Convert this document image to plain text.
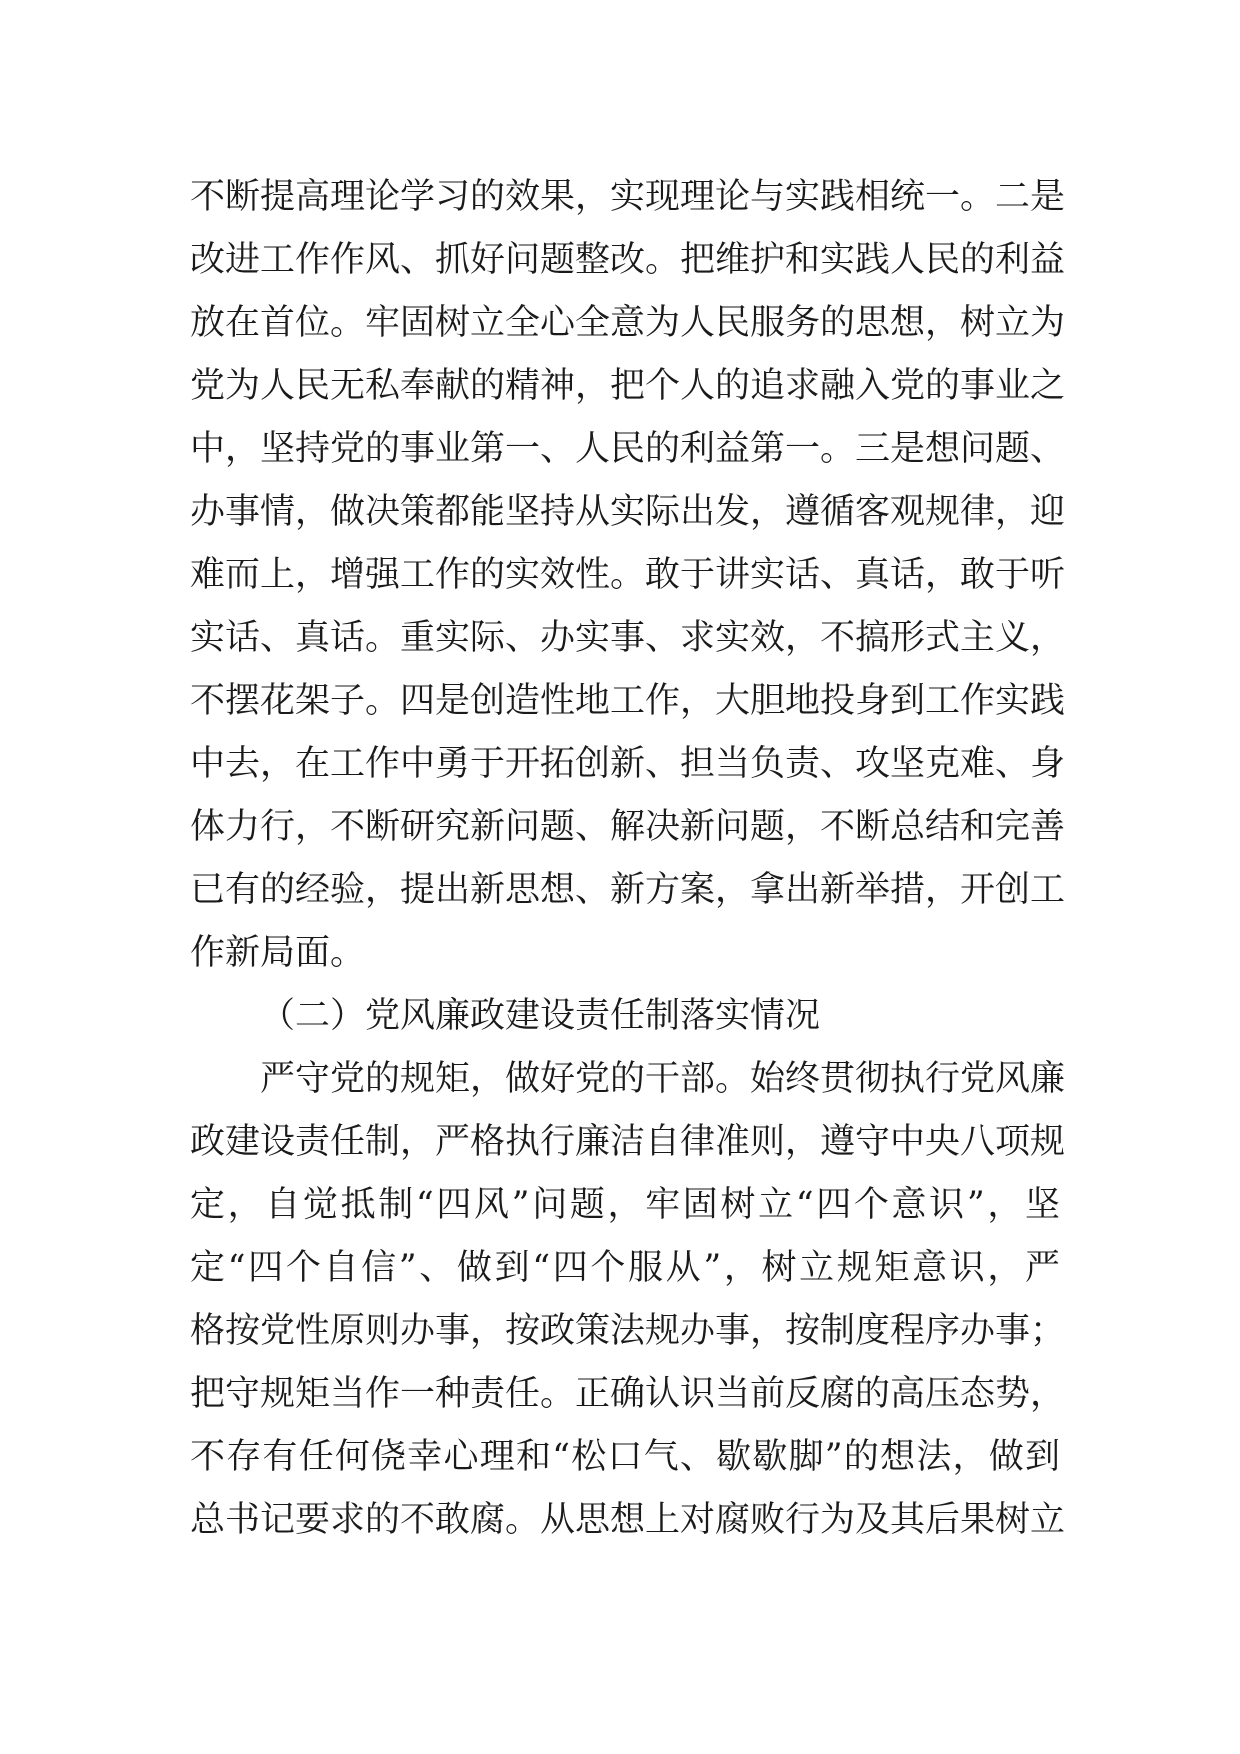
不断提高理论学习的效果，实现理论与实践相统一。二是
改进工作作风、抓好问题整改。把维护和实践人民的利益
放在首位。牢固树立全心全意为人民服务的思想，树立为
党为人民无私奉献的精神，把个人的追求融入党的事业之
中，坚持党的事业第一、人民的利益第一。三是想问题、
办事情，做决策都能坚持从实际出发，遵循客观规律，迎
难而上，增强工作的实效性。敢于讲实话、真话，敢于听
实话、真话。重实际、办实事、求实效，不搞形式主义，
不摆花架子。四是创造性地工作，大胆地投身到工作实践
中去，在工作中勇于开拓创新、担当负责、攻坚克难、身
体力行，不断研究新问题、解决新问题，不断总结和完善
已有的经验，提出新思想、新方案，拿出新举措，开创工
作新局面。
（二）党风廉政建设责任制落实情况
严守党的规矩，做好党的干部。始终贯彻执行党风廉
政建设责任制，严格执行廉洁自律准则，遵守中央八项规
定，自觉抵制“四风”问题，牢固树立“四个意识”，坚
定“四个自信”、做到“四个服从”，树立规矩意识，严
格按党性原则办事，按政策法规办事，按制度程序办事；
把守规矩当作一种责任。正确认识当前反腐的高压态势，
不存有任何侥幸心理和“松口气、歇歇脚”的想法，做到
总书记要求的不敢腐。从思想上对腐败行为及其后果树立
